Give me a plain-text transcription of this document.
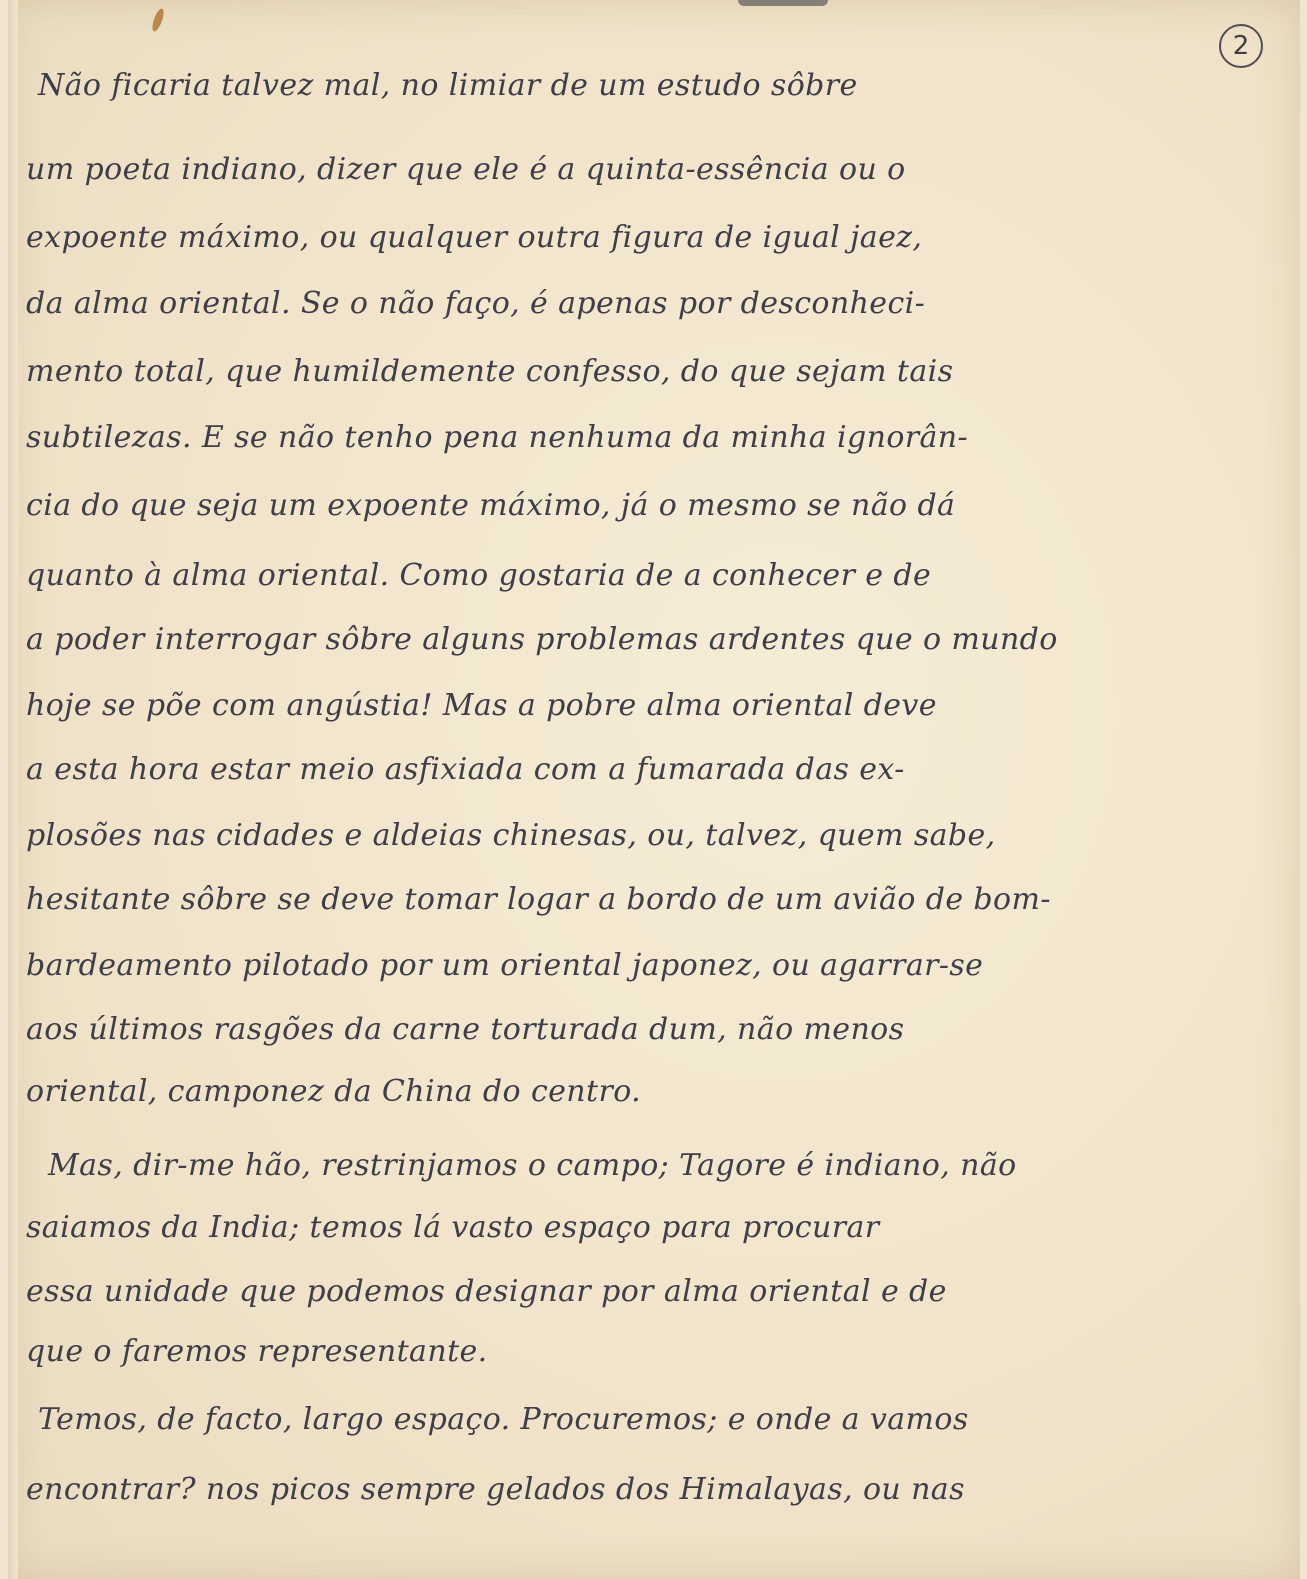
2
Não ficaria talvez mal, no limiar de um estudo sôbre
um poeta indiano, dizer que ele é a quinta-essência ou o
expoente máximo, ou qualquer outra figura de igual jaez,
da alma oriental. Se o não faço, é apenas por desconheci-
mento total, que humildemente confesso, do que sejam tais
subtilezas. E se não tenho pena nenhuma da minha ignorân-
cia do que seja um expoente máximo, já o mesmo se não dá
quanto à alma oriental. Como gostaria de a conhecer e de
a poder interrogar sôbre alguns problemas ardentes que o mundo
hoje se põe com angústia! Mas a pobre alma oriental deve
a esta hora estar meio asfixiada com a fumarada das ex-
plosões nas cidades e aldeias chinesas, ou, talvez, quem sabe,
hesitante sôbre se deve tomar logar a bordo de um avião de bom-
bardeamento pilotado por um oriental japonez, ou agarrar-se
aos últimos rasgões da carne torturada dum, não menos
oriental, camponez da China do centro.
Mas, dir-me hão, restrinjamos o campo; Tagore é indiano, não
saiamos da India; temos lá vasto espaço para procurar
essa unidade que podemos designar por alma oriental e de
que o faremos representante.
Temos, de facto, largo espaço. Procuremos; e onde a vamos
encontrar? nos picos sempre gelados dos Himalayas, ou nas
